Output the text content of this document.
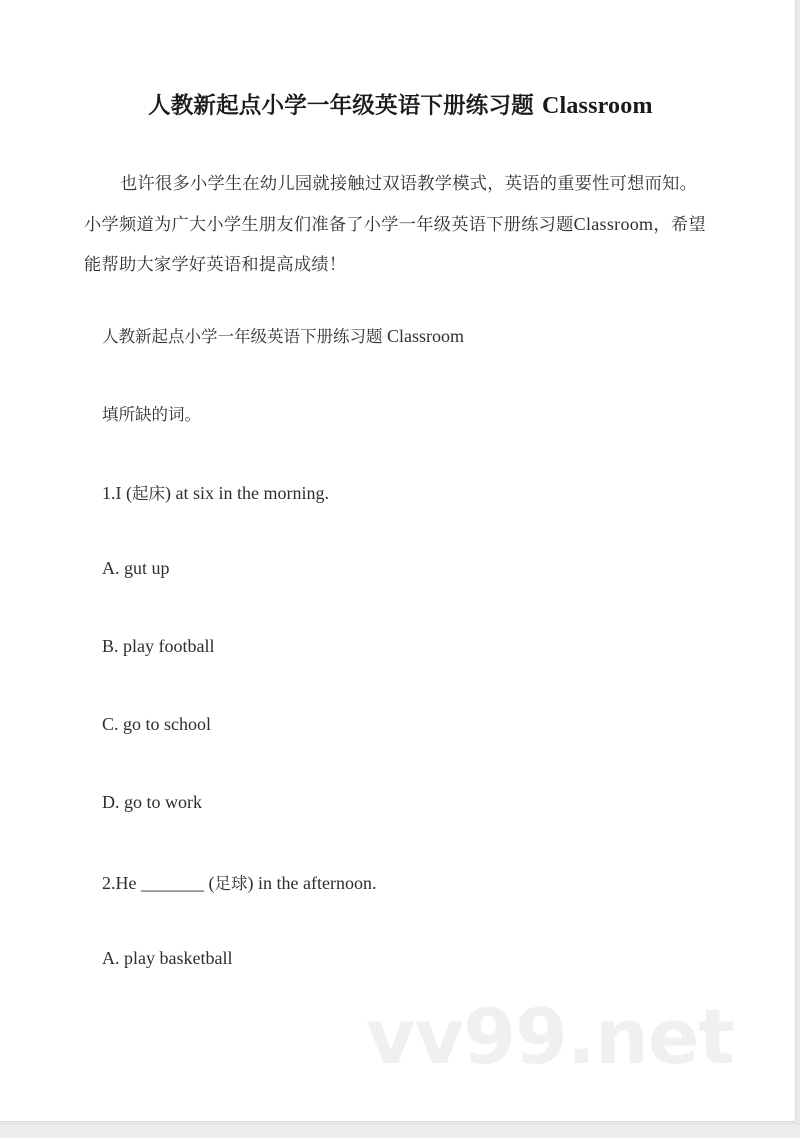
人教新起点小学一年级英语下册练习题 Classroom

也许很多小学生在幼儿园就接触过双语教学模式，英语的重要性可想而知。小学频道为广大小学生朋友们准备了小学一年级英语下册练习题Classroom，希望能帮助大家学好英语和提高成绩！

人教新起点小学一年级英语下册练习题 Classroom
填所缺的词。
1.I (起床) at six in the morning.
A. gut up
B. play football
C. go to school
D. go to work
2.He _______ (足球) in the afternoon.
A. play basketball
vv99.net
